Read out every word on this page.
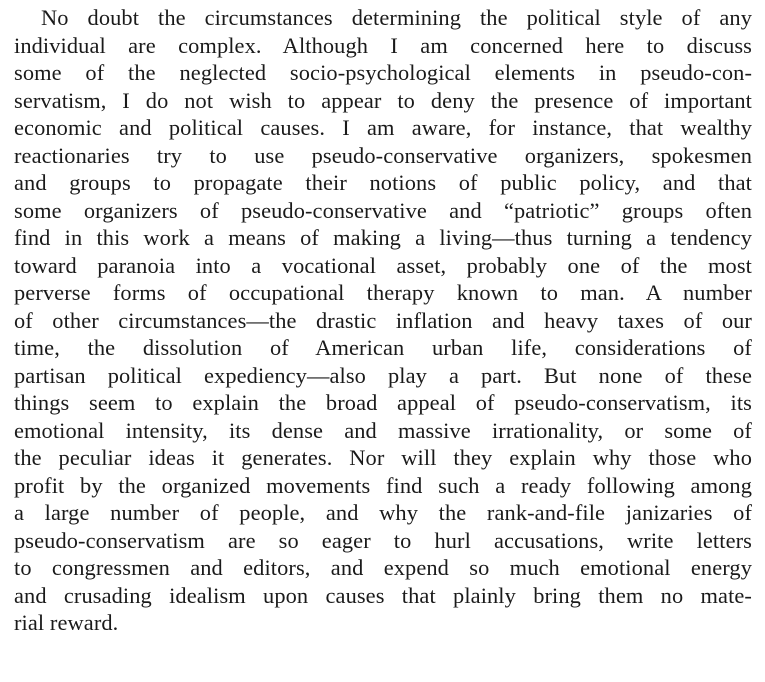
No doubt the circumstances determining the political style of any
individual are complex. Although I am concerned here to discuss
some of the neglected socio-psychological elements in pseudo-con-
servatism, I do not wish to appear to deny the presence of important
economic and political causes. I am aware, for instance, that wealthy
reactionaries try to use pseudo-conservative organizers, spokesmen
and groups to propagate their notions of public policy, and that
some organizers of pseudo-conservative and “patriotic” groups often
find in this work a means of making a living—thus turning a tendency
toward paranoia into a vocational asset, probably one of the most
perverse forms of occupational therapy known to man. A number
of other circumstances—the drastic inflation and heavy taxes of our
time, the dissolution of American urban life, considerations of
partisan political expediency—also play a part. But none of these
things seem to explain the broad appeal of pseudo-conservatism, its
emotional intensity, its dense and massive irrationality, or some of
the peculiar ideas it generates. Nor will they explain why those who
profit by the organized movements find such a ready following among
a large number of people, and why the rank-and-file janizaries of
pseudo-conservatism are so eager to hurl accusations, write letters
to congressmen and editors, and expend so much emotional energy
and crusading idealism upon causes that plainly bring them no mate-
rial reward.
